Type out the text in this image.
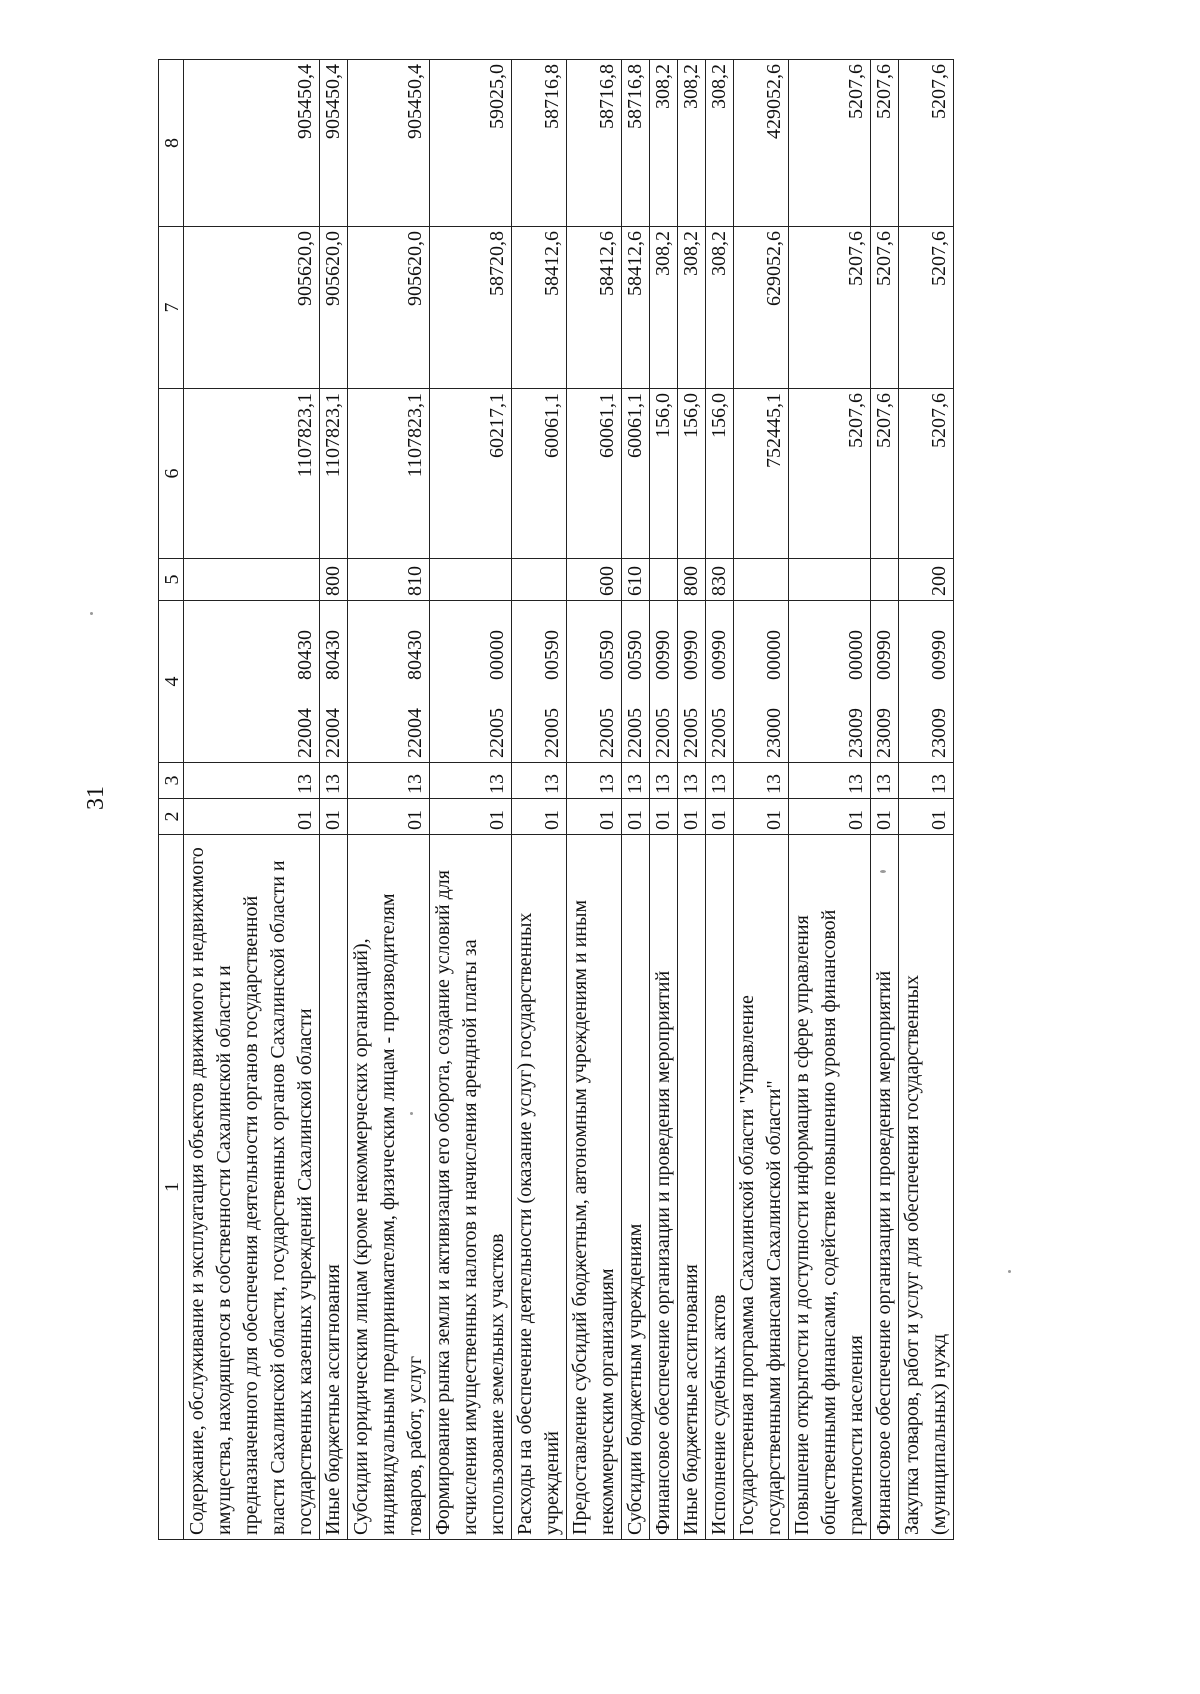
31
1	2	3	4	5	6	7	8
Содержание, обслуживание и эксплуатация объектов движимого и недвижимого имущества, находящегося в собственности Сахалинской области и предназначенного для обеспечения деятельности органов государственной власти Сахалинской области, государственных органов Сахалинской области и государственных казенных учреждений Сахалинской области	01	13	2200480430		1107823,1	905620,0	905450,4
Иные бюджетные ассигнования	01	13	2200480430	800	1107823,1	905620,0	905450,4
Субсидии юридическим лицам (кроме некоммерческих организаций), индивидуальным предпринимателям, физическим лицам - производителям товаров, работ, услуг	01	13	2200480430	810	1107823,1	905620,0	905450,4
Формирование рынка земли и активизация его оборота, создание условий для исчисления имущественных налогов и начисления арендной платы за использование земельных участков	01	13	2200500000		60217,1	58720,8	59025,0
Расходы на обеспечение деятельности (оказание услуг) государственных учреждений	01	13	2200500590		60061,1	58412,6	58716,8
Предоставление субсидий бюджетным, автономным учреждениям и иным некоммерческим организациям	01	13	2200500590	600	60061,1	58412,6	58716,8
Субсидии бюджетным учреждениям	01	13	2200500590	610	60061,1	58412,6	58716,8
Финансовое обеспечение организации и проведения мероприятий	01	13	2200500990		156,0	308,2	308,2
Иные бюджетные ассигнования	01	13	2200500990	800	156,0	308,2	308,2
Исполнение судебных актов	01	13	2200500990	830	156,0	308,2	308,2
Государственная программа Сахалинской области "Управление государственными финансами Сахалинской области"	01	13	2300000000		752445,1	629052,6	429052,6
Повышение открытости и доступности информации в сфере управления общественными финансами, содействие повышению уровня финансовой грамотности населения	01	13	2300900000		5207,6	5207,6	5207,6
Финансовое обеспечение организации и проведения мероприятий	01	13	2300900990		5207,6	5207,6	5207,6
Закупка товаров, работ и услуг для обеспечения государственных (муниципальных) нужд	01	13	2300900990	200	5207,6	5207,6	5207,6
